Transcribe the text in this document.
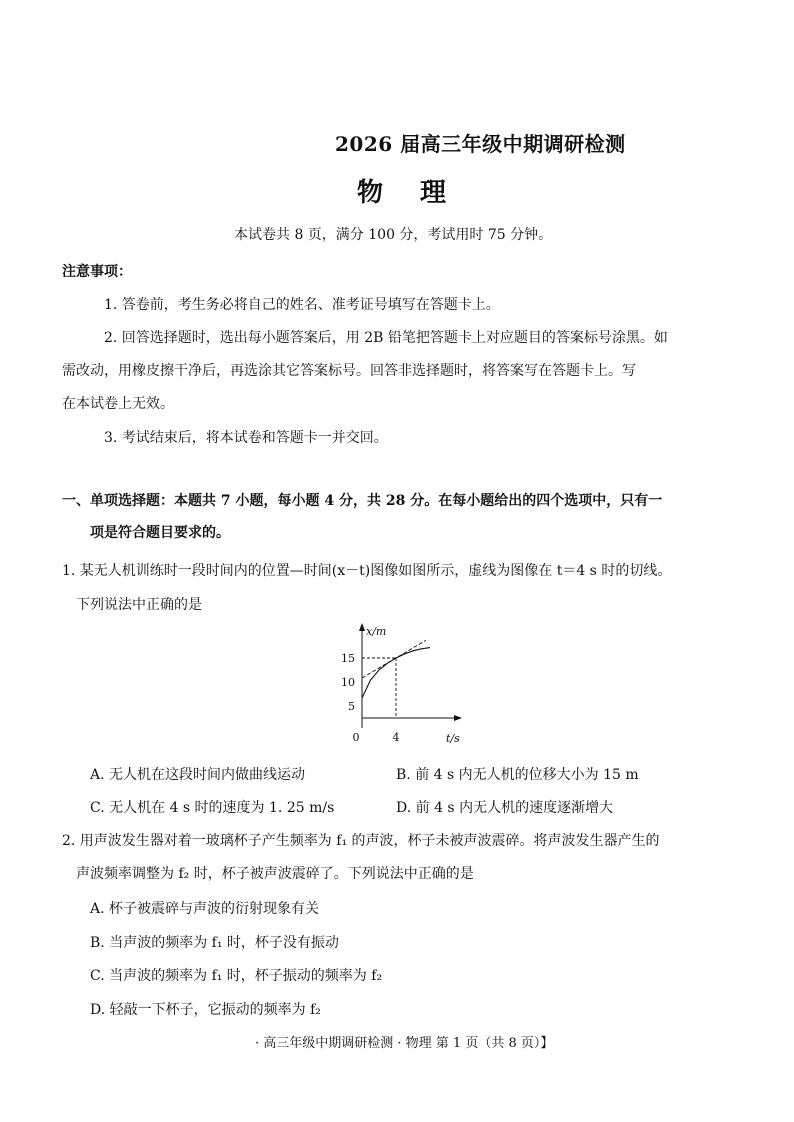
2026 届高三年级中期调研检测
物 理
本试卷共 8 页，满分 100 分，考试用时 75 分钟。
注意事项：
1. 答卷前，考生务必将自己的姓名、准考证号填写在答题卡上。
2. 回答选择题时，选出每小题答案后，用 2B 铅笔把答题卡上对应题目的答案标号涂黑。如
需改动，用橡皮擦干净后，再选涂其它答案标号。回答非选择题时，将答案写在答题卡上。写
在本试卷上无效。
3. 考试结束后，将本试卷和答题卡一并交回。
一、单项选择题：本题共 7 小题，每小题 4 分，共 28 分。在每小题给出的四个选项中，只有一
项是符合题目要求的。
1. 某无人机训练时一段时间内的位置—时间(x－t)图像如图所示，虚线为图像在 t＝4 s 时的切线。
下列说法中正确的是
x/m
t/s
0	4
5
10
15
A. 无人机在这段时间内做曲线运动	B. 前 4 s 内无人机的位移大小为 15 m
C. 无人机在 4 s 时的速度为 1. 25 m/s	D. 前 4 s 内无人机的速度逐渐增大
2. 用声波发生器对着一玻璃杯子产生频率为 f₁ 的声波，杯子未被声波震碎。将声波发生器产生的
声波频率调整为 f₂ 时，杯子被声波震碎了。下列说法中正确的是
A. 杯子被震碎与声波的衍射现象有关
B. 当声波的频率为 f₁ 时，杯子没有振动
C. 当声波的频率为 f₁ 时，杯子振动的频率为 f₂
D. 轻敲一下杯子，它振动的频率为 f₂
· 高三年级中期调研检测 · 物理 第 1 页（共 8 页）】
